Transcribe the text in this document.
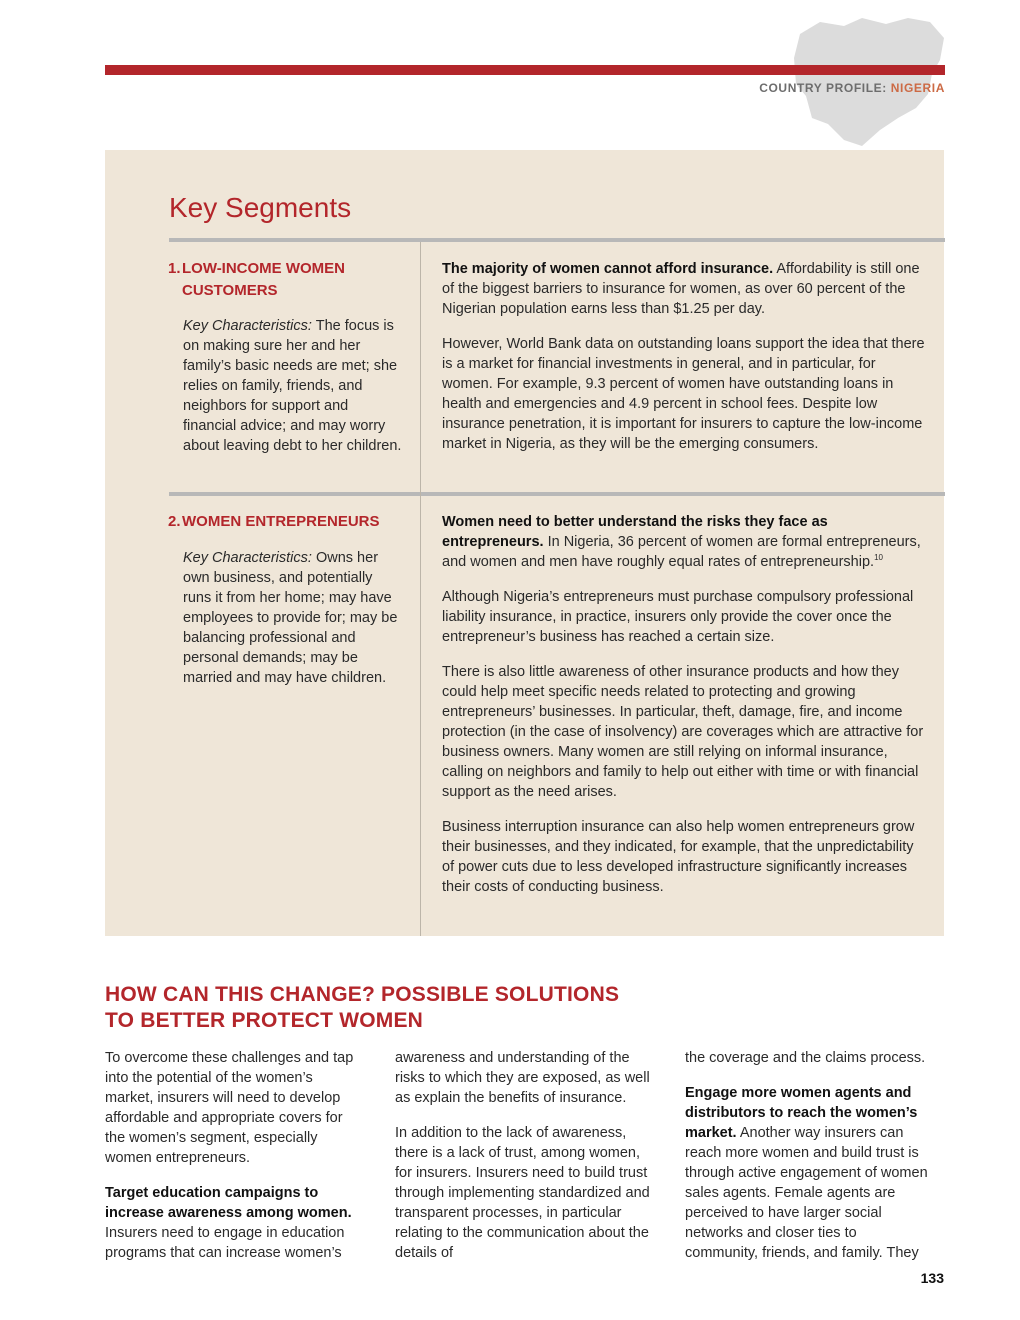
COUNTRY PROFILE: NIGERIA
Key Segments
1.LOW-INCOME WOMEN
CUSTOMERS

Key Characteristics: The focus is on making sure her and her family’s basic needs are met; she relies on family, friends, and neighbors for support and financial advice; and may worry about leaving debt to her children.

The majority of women cannot afford insurance. Affordability is still one of the biggest barriers to insurance for women, as over 60 percent of the Nigerian population earns less than $1.25 per day.

However, World Bank data on outstanding loans support the idea that there is a market for financial investments in general, and in particular, for women. For example, 9.3 percent of women have outstanding loans in health and emergencies and 4.9 percent in school fees. Despite low insurance penetration, it is important for insurers to capture the low-income market in Nigeria, as they will be the emerging consumers.

2.WOMEN ENTREPRENEURS

Key Characteristics: Owns her own business, and potentially runs it from her home; may have employees to provide for; may be balancing professional and personal demands; may be married and may have children.

Women need to better understand the risks they face as entrepreneurs. In Nigeria, 36 percent of women are formal entrepreneurs, and women and men have roughly equal rates of entrepreneurship.$^{10}$

Although Nigeria’s entrepreneurs must purchase compulsory professional liability insurance, in practice, insurers only provide the cover once the entrepreneur’s business has reached a certain size.

There is also little awareness of other insurance products and how they could help meet specific needs related to protecting and growing entrepreneurs’ businesses. In particular, theft, damage, fire, and income protection (in the case of insolvency) are coverages which are attractive for business owners. Many women are still relying on informal insurance, calling on neighbors and family to help out either with time or with financial support as the need arises.

Business interruption insurance can also help women entrepreneurs grow their businesses, and they indicated, for example, that the unpredictability of power cuts due to less developed infrastructure significantly increases their costs of conducting business.

HOW CAN THIS CHANGE? POSSIBLE SOLUTIONS
TO BETTER PROTECT WOMEN

To overcome these challenges and tap into the potential of the women’s market, insurers will need to develop affordable and appropriate covers for the women’s segment, especially women entrepreneurs.

Target education campaigns to increase awareness among women. Insurers need to engage in education programs that can increase women’s

awareness and understanding of the risks to which they are exposed, as well as explain the benefits of insurance.

In addition to the lack of awareness, there is a lack of trust, among women, for insurers. Insurers need to build trust through implementing standardized and transparent processes, in particular relating to the communication about the details of

the coverage and the claims process.

Engage more women agents and distributors to reach the women’s market. Another way insurers can reach more women and build trust is through active engagement of women sales agents. Female agents are perceived to have larger social networks and closer ties to community, friends, and family. They

133
